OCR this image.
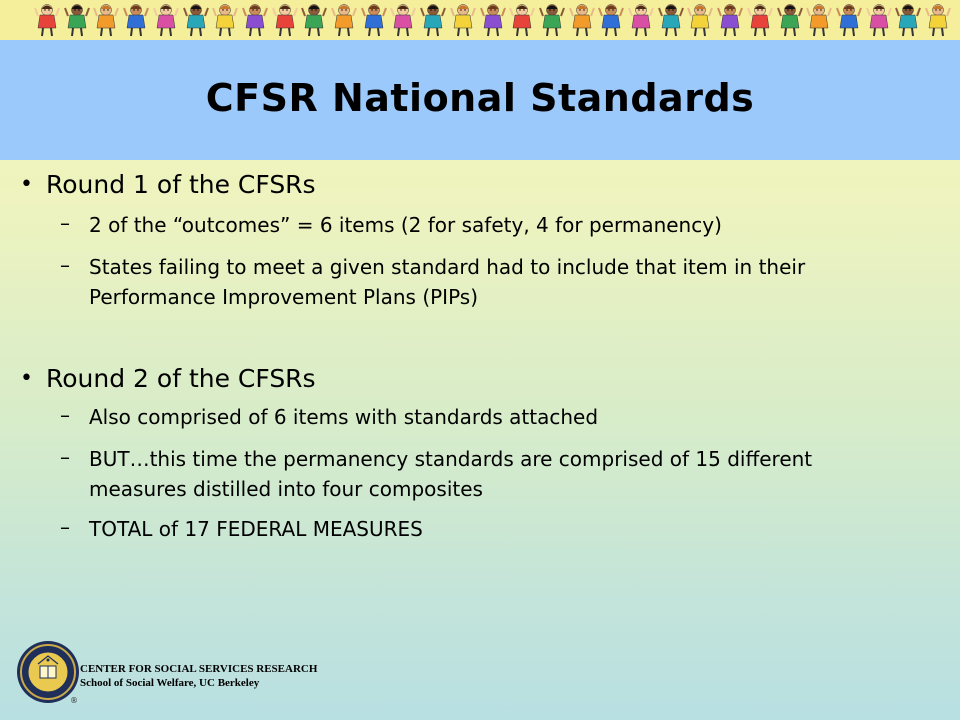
CFSR National Standards
• Round 1 of the CFSRs
– 2 of the “outcomes” = 6 items (2 for safety, 4 for permanency)
– States failing to meet a given standard had to include that item in their Performance Improvement Plans (PIPs)
• Round 2 of the CFSRs
– Also comprised of 6 items with standards attached
– BUT…this time the permanency standards are comprised of 15 different measures distilled into four composites
– TOTAL of 17 FEDERAL MEASURES
®
CENTER FOR SOCIAL SERVICES RESEARCH
School of Social Welfare, UC Berkeley
